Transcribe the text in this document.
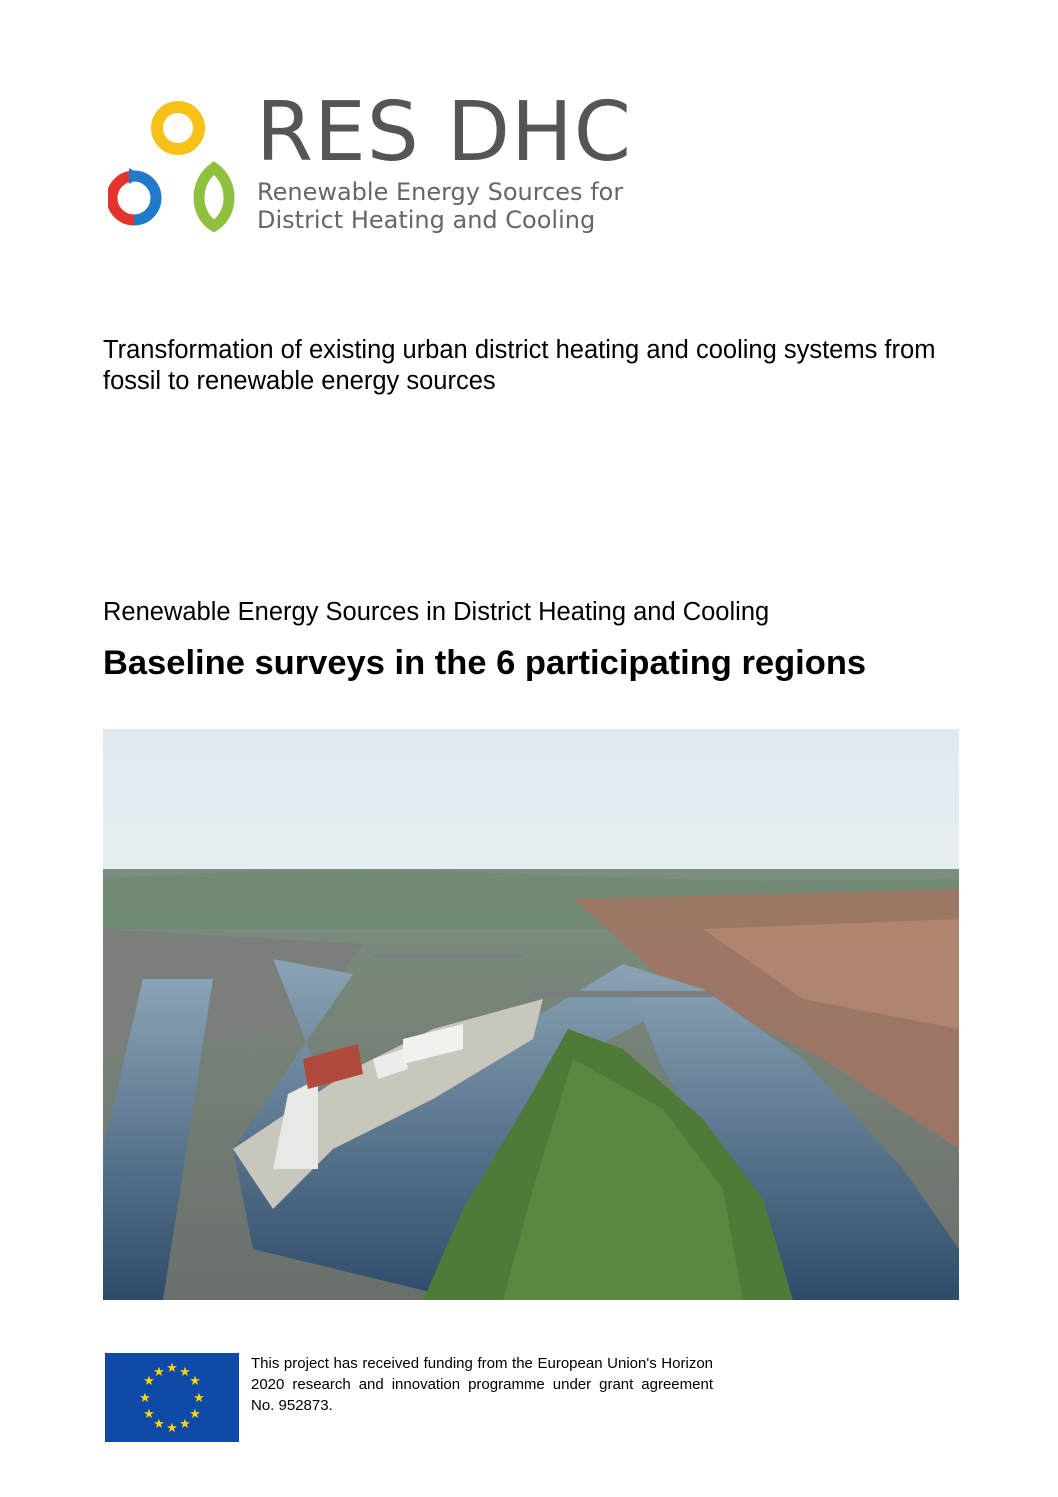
RES DHC
Renewable Energy Sources for
District Heating and Cooling
Transformation of existing urban district heating and cooling systems from fossil to renewable energy sources
Renewable Energy Sources in District Heating and Cooling
Baseline surveys in the 6 participating regions
★ ★
★
★
★
★
★
★
★
★
★
★
This project has received funding from the European Union's Horizon 2020 research and innovation programme under grant agreement No. 952873.
